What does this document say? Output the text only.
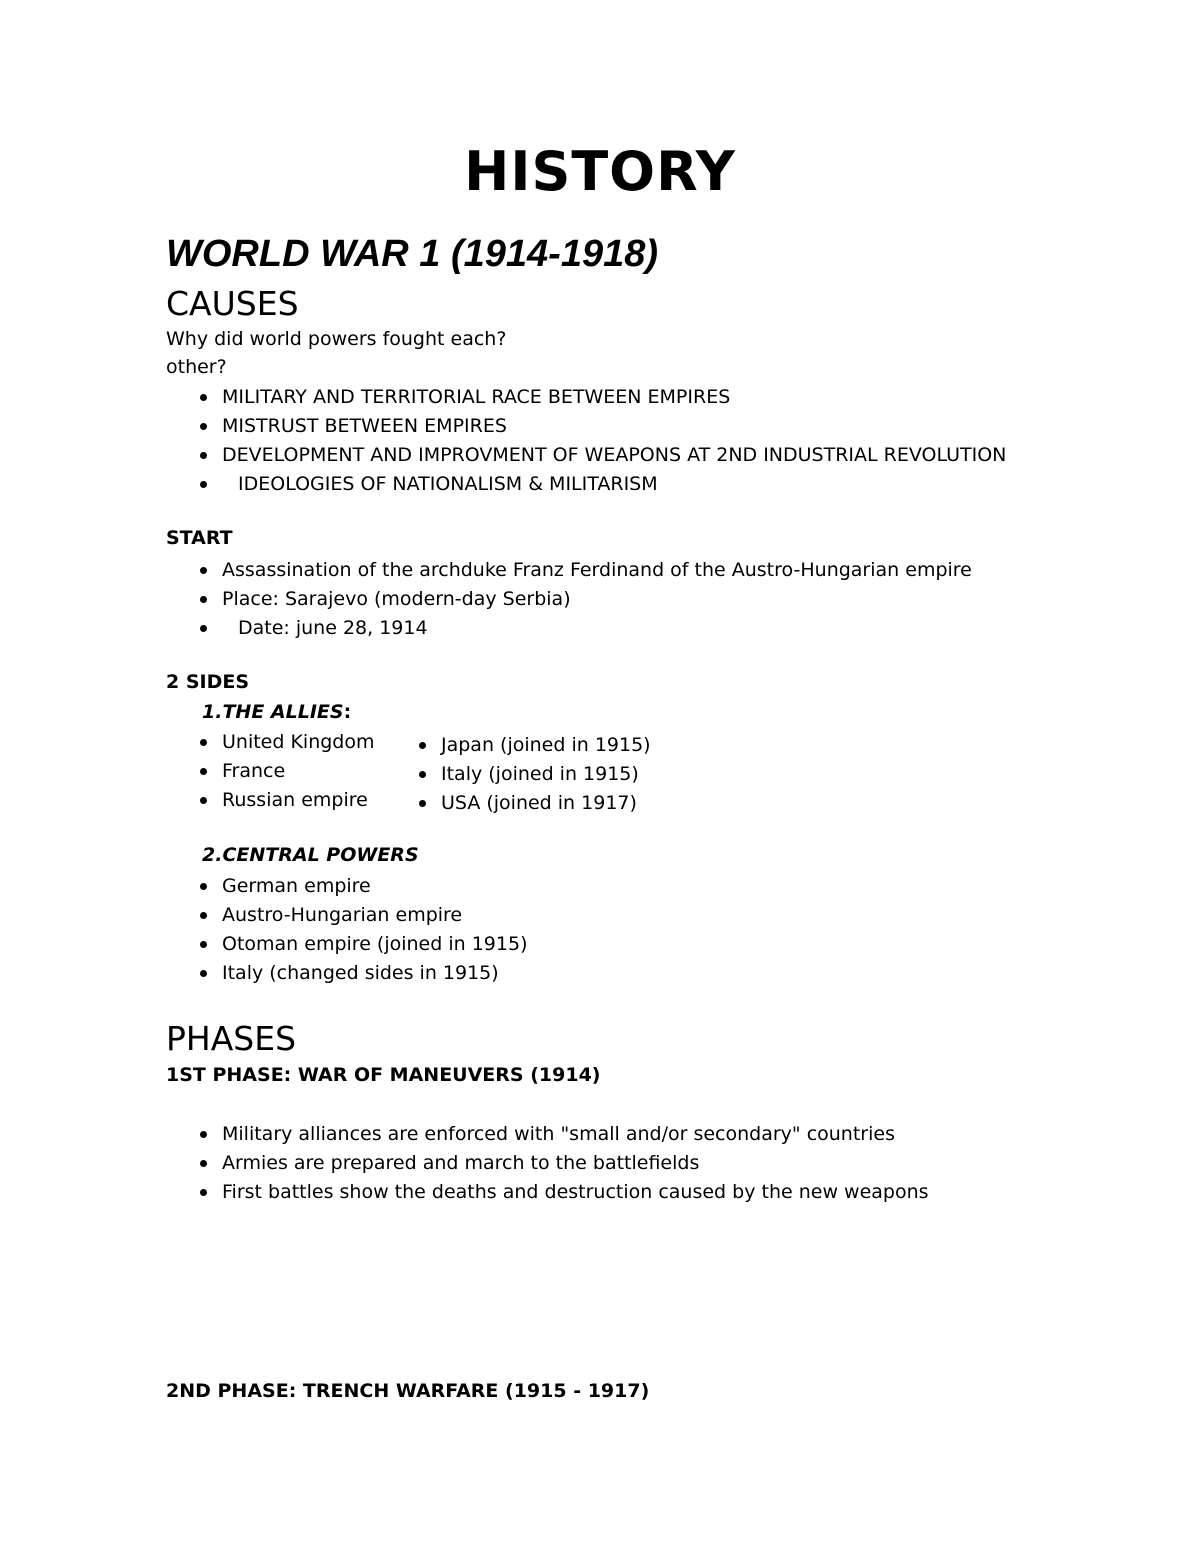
HISTORY
WORLD WAR 1 (1914-1918)
CAUSES
Why did world powers fought each?
other?
MILITARY AND TERRITORIAL RACE BETWEEN EMPIRES
MISTRUST BETWEEN EMPIRES
DEVELOPMENT AND IMPROVMENT OF WEAPONS AT 2ND INDUSTRIAL REVOLUTION
IDEOLOGIES OF NATIONALISM & MILITARISM
START
Assassination of the archduke Franz Ferdinand of the Austro-Hungarian empire
Place: Sarajevo (modern-day Serbia)
Date: june 28, 1914
2 SIDES
1.THE ALLIES:
United Kingdom
France
Russian empire
Japan (joined in 1915)
Italy (joined in 1915)
USA (joined in 1917)
2.CENTRAL POWERS
German empire
Austro-Hungarian empire
Otoman empire (joined in 1915)
Italy (changed sides in 1915)
PHASES
1ST PHASE: WAR OF MANEUVERS (1914)
Military alliances are enforced with "small and/or secondary" countries
Armies are prepared and march to the battlefields
First battles show the deaths and destruction caused by the new weapons
2ND PHASE: TRENCH WARFARE (1915 - 1917)
